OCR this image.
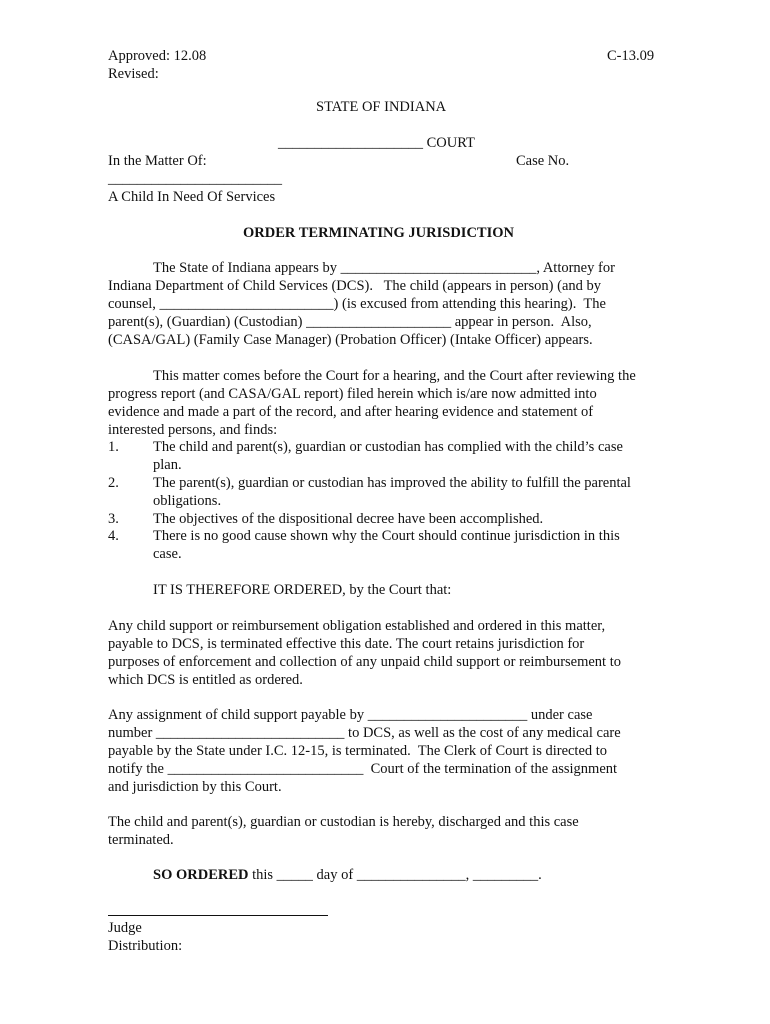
Approved: 12.08
Revised:
C-13.09
STATE OF INDIANA
____________________ COURT
In the Matter Of:	Case No.
________________________
A Child In Need Of Services
ORDER TERMINATING JURISDICTION
The State of Indiana appears by ___________________________, Attorney for
Indiana Department of Child Services (DCS).   The child (appears in person) (and by
counsel, ________________________) (is excused from attending this hearing).  The
parent(s), (Guardian) (Custodian) ____________________ appear in person.  Also,
(CASA/GAL) (Family Case Manager) (Probation Officer) (Intake Officer) appears.
This matter comes before the Court for a hearing, and the Court after reviewing the
progress report (and CASA/GAL report) filed herein which is/are now admitted into
evidence and made a part of the record, and after hearing evidence and statement of
interested persons, and finds:
1. The child and parent(s), guardian or custodian has complied with the child’s case
plan.
2. The parent(s), guardian or custodian has improved the ability to fulfill the parental
obligations.
3. The objectives of the dispositional decree have been accomplished.
4. There is no good cause shown why the Court should continue jurisdiction in this
case.
IT IS THEREFORE ORDERED, by the Court that:
Any child support or reimbursement obligation established and ordered in this matter,
payable to DCS, is terminated effective this date. The court retains jurisdiction for
purposes of enforcement and collection of any unpaid child support or reimbursement to
which DCS is entitled as ordered.
Any assignment of child support payable by ______________________ under case
number __________________________ to DCS, as well as the cost of any medical care
payable by the State under I.C. 12-15, is terminated.  The Clerk of Court is directed to
notify the ___________________________  Court of the termination of the assignment
and jurisdiction by this Court.
The child and parent(s), guardian or custodian is hereby, discharged and this case
terminated.
SO ORDERED this _____ day of _______________, _________.
Judge
Distribution:
